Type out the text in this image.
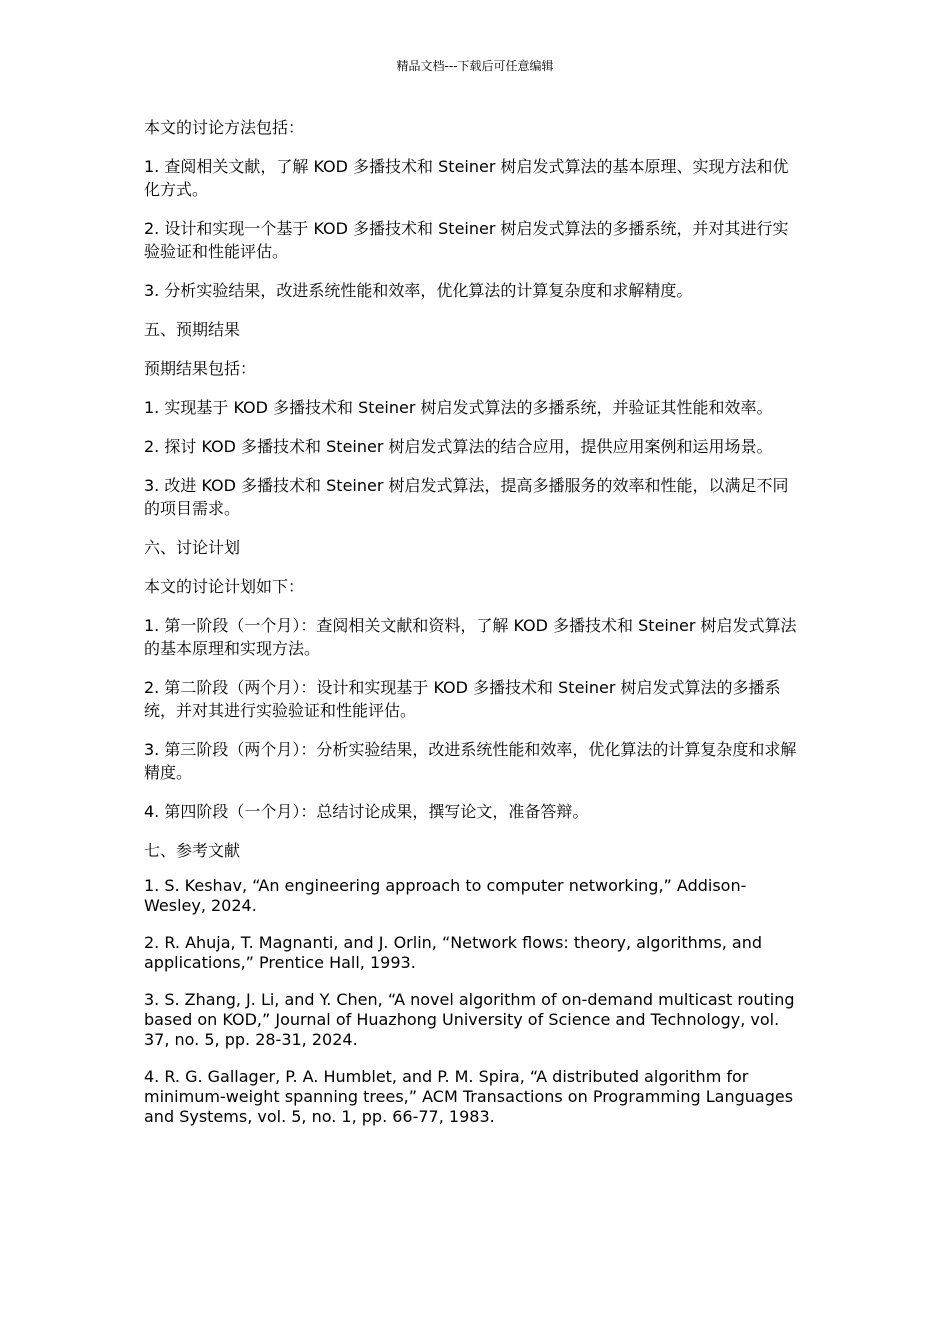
精品文档---下载后可任意编辑

本文的讨论方法包括：

1. 查阅相关文献，了解 KOD 多播技术和 Steiner 树启发式算法的基本原理、实现方法和优化方式。

2. 设计和实现一个基于 KOD 多播技术和 Steiner 树启发式算法的多播系统，并对其进行实验验证和性能评估。

3. 分析实验结果，改进系统性能和效率，优化算法的计算复杂度和求解精度。

五、预期结果

预期结果包括：

1. 实现基于 KOD 多播技术和 Steiner 树启发式算法的多播系统，并验证其性能和效率。

2. 探讨 KOD 多播技术和 Steiner 树启发式算法的结合应用，提供应用案例和运用场景。

3. 改进 KOD 多播技术和 Steiner 树启发式算法，提高多播服务的效率和性能，以满足不同的项目需求。

六、讨论计划

本文的讨论计划如下：

1. 第一阶段（一个月）：查阅相关文献和资料，了解 KOD 多播技术和 Steiner 树启发式算法的基本原理和实现方法。

2. 第二阶段（两个月）：设计和实现基于 KOD 多播技术和 Steiner 树启发式算法的多播系统，并对其进行实验验证和性能评估。

3. 第三阶段（两个月）：分析实验结果，改进系统性能和效率，优化算法的计算复杂度和求解精度。

4. 第四阶段（一个月）：总结讨论成果，撰写论文，准备答辩。

七、参考文献

1. S. Keshav, “An engineering approach to computer networking,” Addison-Wesley, 2024.

2. R. Ahuja, T. Magnanti, and J. Orlin, “Network flows: theory, algorithms, and applications,” Prentice Hall, 1993.

3. S. Zhang, J. Li, and Y. Chen, “A novel algorithm of on-demand multicast routing based on KOD,” Journal of Huazhong University of Science and Technology, vol. 37, no. 5, pp. 28-31, 2024.

4. R. G. Gallager, P. A. Humblet, and P. M. Spira, “A distributed algorithm for minimum-weight spanning trees,” ACM Transactions on Programming Languages and Systems, vol. 5, no. 1, pp. 66-77, 1983.
